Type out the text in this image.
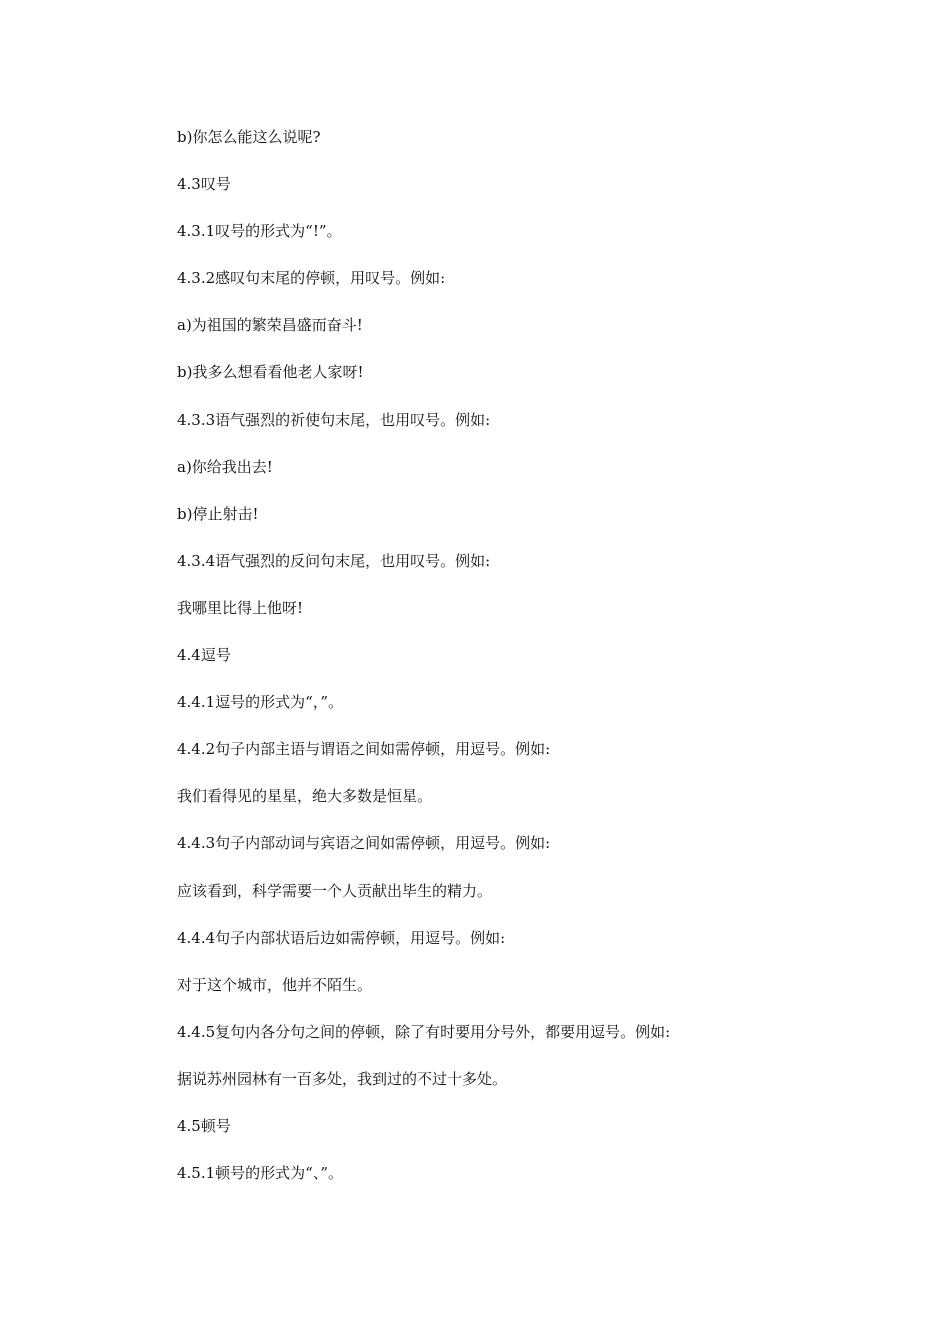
b)你怎么能这么说呢?
4.3叹号
4.3.1叹号的形式为“!”。
4.3.2感叹句末尾的停顿，用叹号。例如:
a)为祖国的繁荣昌盛而奋斗!
b)我多么想看看他老人家呀!
4.3.3语气强烈的祈使句末尾，也用叹号。例如:
a)你给我出去!
b)停止射击!
4.3.4语气强烈的反问句末尾，也用叹号。例如:
我哪里比得上他呀!
4.4逗号
4.4.1逗号的形式为“，”。
4.4.2句子内部主语与谓语之间如需停顿，用逗号。例如:
我们看得见的星星，绝大多数是恒星。
4.4.3句子内部动词与宾语之间如需停顿，用逗号。例如:
应该看到，科学需要一个人贡献出毕生的精力。
4.4.4句子内部状语后边如需停顿，用逗号。例如:
对于这个城市，他并不陌生。
4.4.5复句内各分句之间的停顿，除了有时要用分号外，都要用逗号。例如:
据说苏州园林有一百多处，我到过的不过十多处。
4.5顿号
4.5.1顿号的形式为“、”。
